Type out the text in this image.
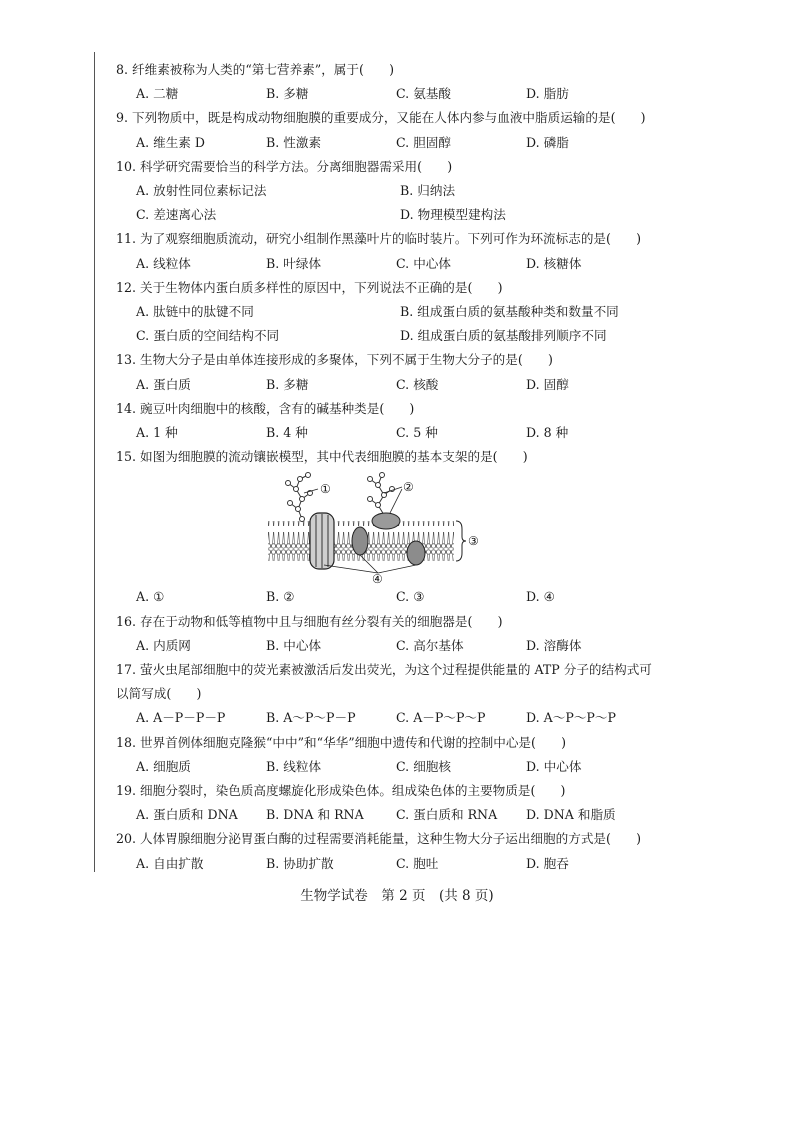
8. 纤维素被称为人类的“第七营养素”，属于(　　)
A. 二糖	B. 多糖	C. 氨基酸	D. 脂肪
9. 下列物质中，既是构成动物细胞膜的重要成分，又能在人体内参与血液中脂质运输的是(　　)
A. 维生素 D	B. 性激素	C. 胆固醇	D. 磷脂
10. 科学研究需要恰当的科学方法。分离细胞器需采用(　　)
A. 放射性同位素标记法	B. 归纳法
C. 差速离心法	D. 物理模型建构法
11. 为了观察细胞质流动，研究小组制作黑藻叶片的临时装片。下列可作为环流标志的是(　　)
A. 线粒体	B. 叶绿体	C. 中心体	D. 核糖体
12. 关于生物体内蛋白质多样性的原因中，下列说法不正确的是(　　)
A. 肽链中的肽键不同	B. 组成蛋白质的氨基酸种类和数量不同
C. 蛋白质的空间结构不同	D. 组成蛋白质的氨基酸排列顺序不同
13. 生物大分子是由单体连接形成的多聚体，下列不属于生物大分子的是(　　)
A. 蛋白质	B. 多糖	C. 核酸	D. 固醇
14. 豌豆叶肉细胞中的核酸，含有的碱基种类是(　　)
A. 1 种	B. 4 种	C. 5 种	D. 8 种
15. 如图为细胞膜的流动镶嵌模型，其中代表细胞膜的基本支架的是(　　)
①	②
③
④
A. ①	B. ②	C. ③	D. ④
16. 存在于动物和低等植物中且与细胞有丝分裂有关的细胞器是(　　)
A. 内质网	B. 中心体	C. 高尔基体	D. 溶酶体
17. 萤火虫尾部细胞中的荧光素被激活后发出荧光，为这个过程提供能量的 ATP 分子的结构式可以简写成(　　)
A. A－P－P－P	B. A～P～P－P	C. A－P～P～P	D. A～P～P～P
18. 世界首例体细胞克隆猴“中中”和“华华”细胞中遗传和代谢的控制中心是(　　)
A. 细胞质	B. 线粒体	C. 细胞核	D. 中心体
19. 细胞分裂时，染色质高度螺旋化形成染色体。组成染色体的主要物质是(　　)
A. 蛋白质和 DNA	B. DNA 和 RNA	C. 蛋白质和 RNA	D. DNA 和脂质
20. 人体胃腺细胞分泌胃蛋白酶的过程需要消耗能量，这种生物大分子运出细胞的方式是(　　)
A. 自由扩散	B. 协助扩散	C. 胞吐	D. 胞吞
生物学试卷　第 2 页　(共 8 页)
